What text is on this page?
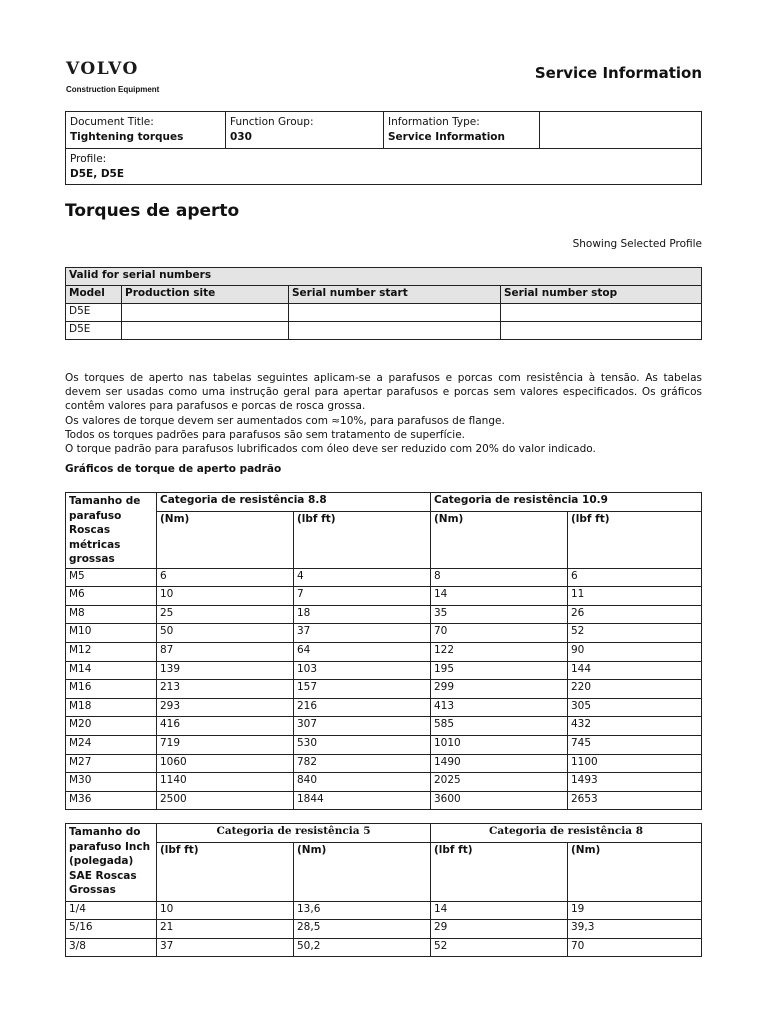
VOLVO
Construction Equipment
Service Information
Document Title:
Tightening torques
Function Group:
030
Information Type:
Service Information
Profile:
D5E, D5E
Torques de aperto
Showing Selected Profile
Valid for serial numbers			
Model	Production site	Serial number start	Serial number stop
D5E			
D5E			
Os torques de aperto nas tabelas seguintes aplicam-se a parafusos e porcas com resistência à tensão. As tabelas devem ser usadas como uma instrução geral para apertar parafusos e porcas sem valores especificados. Os gráficos contêm valores para parafusos e porcas de rosca grossa.
Os valores de torque devem ser aumentados com ≈10%, para parafusos de flange.
Todos os torques padrões para parafusos são sem tratamento de superfície.
O torque padrão para parafusos lubrificados com óleo deve ser reduzido com 20% do valor indicado.
Gráficos de torque de aperto padrão
Tamanho de parafuso Roscas métricas grossas	Categoria de resistência 8.8		Categoria de resistência 10.9	
	(Nm)	(lbf ft)	(Nm)	(lbf ft)
M5	6	4	8	6
M6	10	7	14	11
M8	25	18	35	26
M10	50	37	70	52
M12	87	64	122	90
M14	139	103	195	144
M16	213	157	299	220
M18	293	216	413	305
M20	416	307	585	432
M24	719	530	1010	745
M27	1060	782	1490	1100
M30	1140	840	2025	1493
M36	2500	1844	3600	2653
Tamanho do parafuso Inch (polegada) SAE Roscas Grossas	Categoria de resistência 5		Categoria de resistência 8	
	(lbf ft)	(Nm)	(lbf ft)	(Nm)
1/4	10	13,6	14	19
5/16	21	28,5	29	39,3
3/8	37	50,2	52	70
